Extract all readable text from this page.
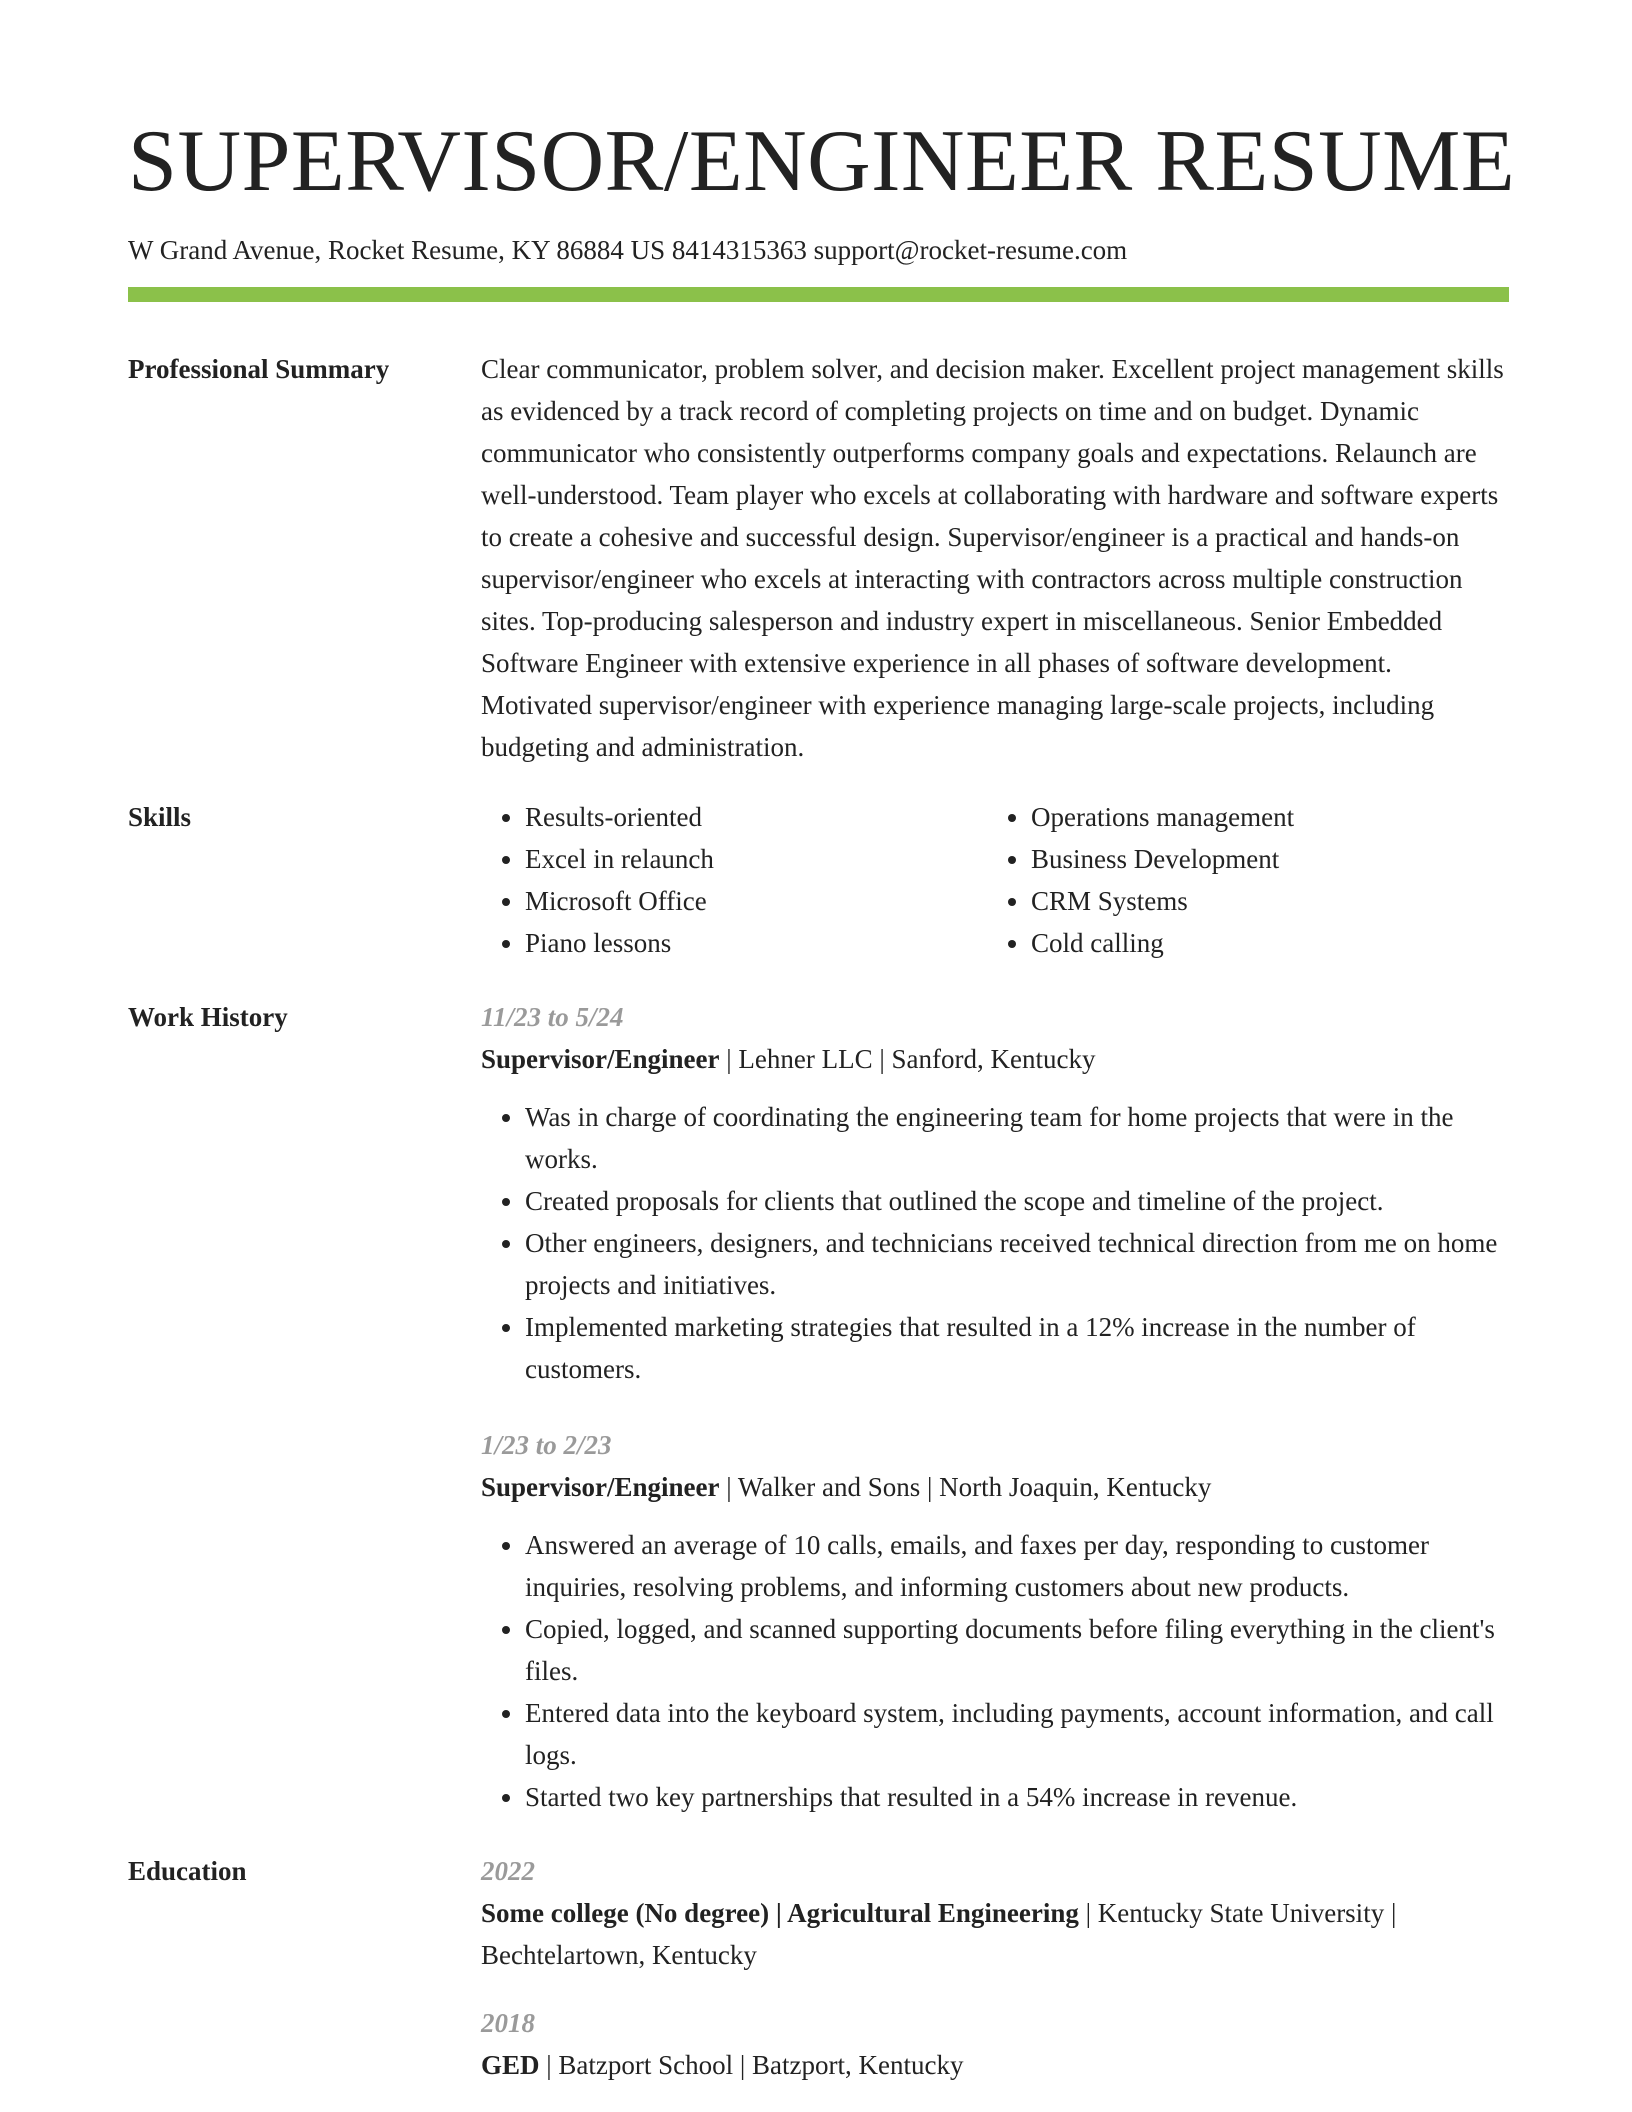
SUPERVISOR/ENGINEER RESUME
W Grand Avenue, Rocket Resume, KY 86884 US 8414315363 support@rocket-resume.com
Professional Summary	Clear communicator, problem solver, and decision maker. Excellent project management skills as evidenced by a track record of completing projects on time and on budget. Dynamic communicator who consistently outperforms company goals and expectations. Relaunch are well-understood. Team player who excels at collaborating with hardware and software experts to create a cohesive and successful design. Supervisor/engineer is a practical and hands-on supervisor/engineer who excels at interacting with contractors across multiple construction sites. Top-producing salesperson and industry expert in miscellaneous. Senior Embedded Software Engineer with extensive experience in all phases of software development. Motivated supervisor/engineer with experience managing large-scale projects, including budgeting and administration.

Skills
•	Results-oriented
• Excel in relaunch
• Microsoft Office
• Piano lessons
• Operations management
• Business Development
• CRM Systems
• Cold calling
Work History	11/23 to 5/24
Supervisor/Engineer | Lehner LLC | Sanford, Kentucky
• Was in charge of coordinating the engineering team for home projects that were in the works.
• Created proposals for clients that outlined the scope and timeline of the project.
• Other engineers, designers, and technicians received technical direction from me on home projects and initiatives.
• Implemented marketing strategies that resulted in a 12% increase in the number of customers.
1/23 to 2/23
Supervisor/Engineer | Walker and Sons | North Joaquin, Kentucky
• Answered an average of 10 calls, emails, and faxes per day, responding to customer inquiries, resolving problems, and informing customers about new products.
• Copied, logged, and scanned supporting documents before filing everything in the client's files.
• Entered data into the keyboard system, including payments, account information, and call logs.
• Started two key partnerships that resulted in a 54% increase in revenue.
Education	2022
Some college (No degree) | Agricultural Engineering | Kentucky State University | Bechtelartown, Kentucky
2018
GED | Batzport School | Batzport, Kentucky
